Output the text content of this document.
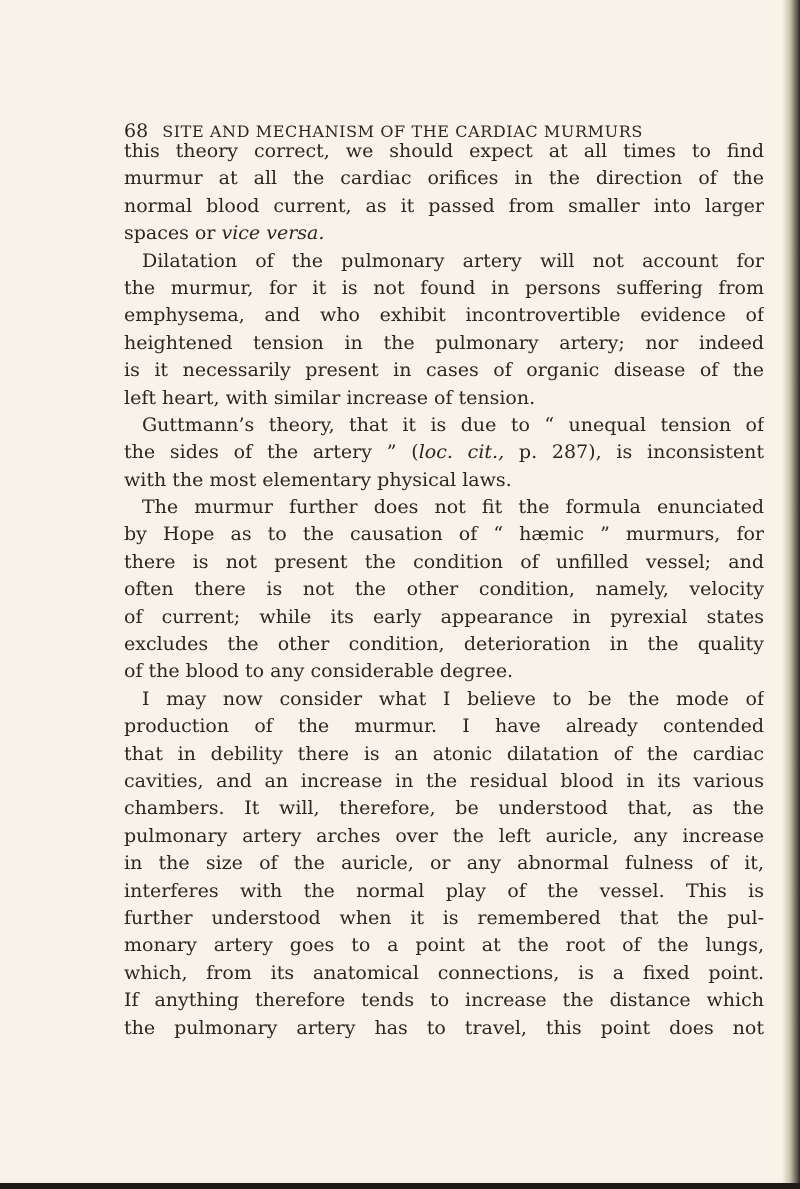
68 SITE AND MECHANISM OF THE CARDIAC MURMURS
this theory correct, we should expect at all times to find
murmur at all the cardiac orifices in the direction of the
normal blood current, as it passed from smaller into larger
spaces or vice versa.
Dilatation of the pulmonary artery will not account for
the murmur, for it is not found in persons suffering from
emphysema, and who exhibit incontrovertible evidence of
heightened tension in the pulmonary artery; nor indeed
is it necessarily present in cases of organic disease of the
left heart, with similar increase of tension.
Guttmann’s theory, that it is due to “ unequal tension of
the sides of the artery ” (loc. cit., p. 287), is inconsistent
with the most elementary physical laws.
The murmur further does not fit the formula enunciated
by Hope as to the causation of “ hæmic ” murmurs, for
there is not present the condition of unfilled vessel; and
often there is not the other condition, namely, velocity
of current; while its early appearance in pyrexial states
excludes the other condition, deterioration in the quality
of the blood to any considerable degree.
I may now consider what I believe to be the mode of
production of the murmur. I have already contended
that in debility there is an atonic dilatation of the cardiac
cavities, and an increase in the residual blood in its various
chambers. It will, therefore, be understood that, as the
pulmonary artery arches over the left auricle, any increase
in the size of the auricle, or any abnormal fulness of it,
interferes with the normal play of the vessel. This is
further understood when it is remembered that the pul-
monary artery goes to a point at the root of the lungs,
which, from its anatomical connections, is a fixed point.
If anything therefore tends to increase the distance which
the pulmonary artery has to travel, this point does not
